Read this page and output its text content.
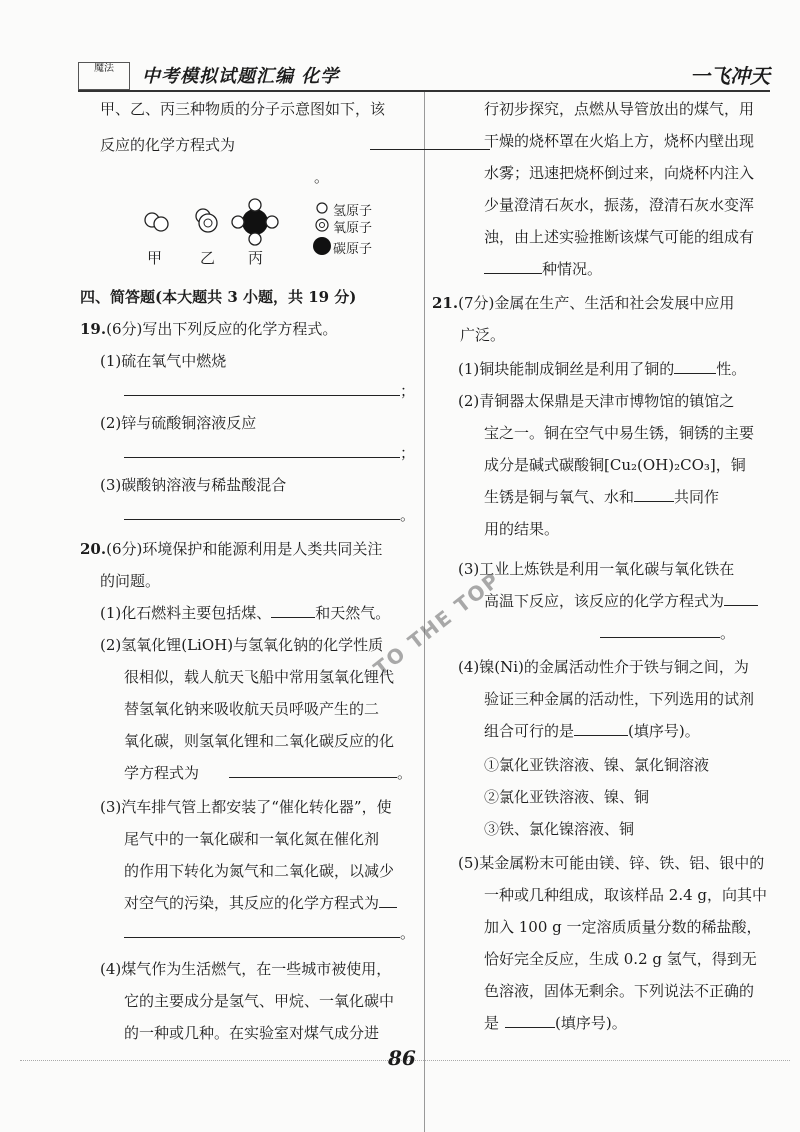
魔法	中考模拟试题汇编 化学	一飞冲天
甲、乙、丙三种物质的分子示意图如下，该
反应的化学方程式为
。
氢原子
氧原子
碳原子
甲	乙 丙
四、简答题(本大题共 3 小题，共 19 分)
19.(6分)写出下列反应的化学方程式。
(1)硫在氧气中燃烧
；
(2)锌与硫酸铜溶液反应
；
(3)碳酸钠溶液与稀盐酸混合
。
20.(6分)环境保护和能源利用是人类共同关注
的问题。
(1)化石燃料主要包括煤、	和天然气。
(2)氢氧化锂(LiOH)与氢氧化钠的化学性质
很相似，载人航天飞船中常用氢氧化锂代
替氢氧化钠来吸收航天员呼吸产生的二
氧化碳，则氢氧化锂和二氧化碳反应的化
学方程式为	。
(3)汽车排气管上都安装了“催化转化器”，使
尾气中的一氧化碳和一氧化氮在催化剂
的作用下转化为氮气和二氧化碳，以减少
对空气的污染，其反应的化学方程式为
。
(4)煤气作为生活燃气，在一些城市被使用，
它的主要成分是氢气、甲烷、一氧化碳中
的一种或几种。在实验室对煤气成分进
行初步探究，点燃从导管放出的煤气，用
干燥的烧杯罩在火焰上方，烧杯内壁出现
水雾；迅速把烧杯倒过来，向烧杯内注入
少量澄清石灰水，振荡，澄清石灰水变浑
浊，由上述实验推断该煤气可能的组成有
种情况。
21.(7分)金属在生产、生活和社会发展中应用
广泛。
(1)铜块能制成铜丝是利用了铜的	性。
(2)青铜器太保鼎是天津市博物馆的镇馆之
宝之一。铜在空气中易生锈，铜锈的主要
成分是碱式碳酸铜[Cu₂(OH)₂CO₃]，铜
生锈是铜与氧气、水和	共同作
用的结果。
(3)工业上炼铁是利用一氧化碳与氧化铁在
高温下反应，该反应的化学方程式为
。
(4)镍(Ni)的金属活动性介于铁与铜之间，为
验证三种金属的活动性，下列选用的试剂
组合可行的是	(填序号)。
①氯化亚铁溶液、镍、氯化铜溶液
②氯化亚铁溶液、镍、铜
③铁、氯化镍溶液、铜
(5)某金属粉末可能由镁、锌、铁、铝、银中的
一种或几种组成，取该样品 2.4 g，向其中
加入 100 g 一定溶质质量分数的稀盐酸，
恰好完全反应，生成 0.2 g 氢气，得到无
色溶液，固体无剩余。下列说法不正确的
是	(填序号)。
TO THE TOP
86
